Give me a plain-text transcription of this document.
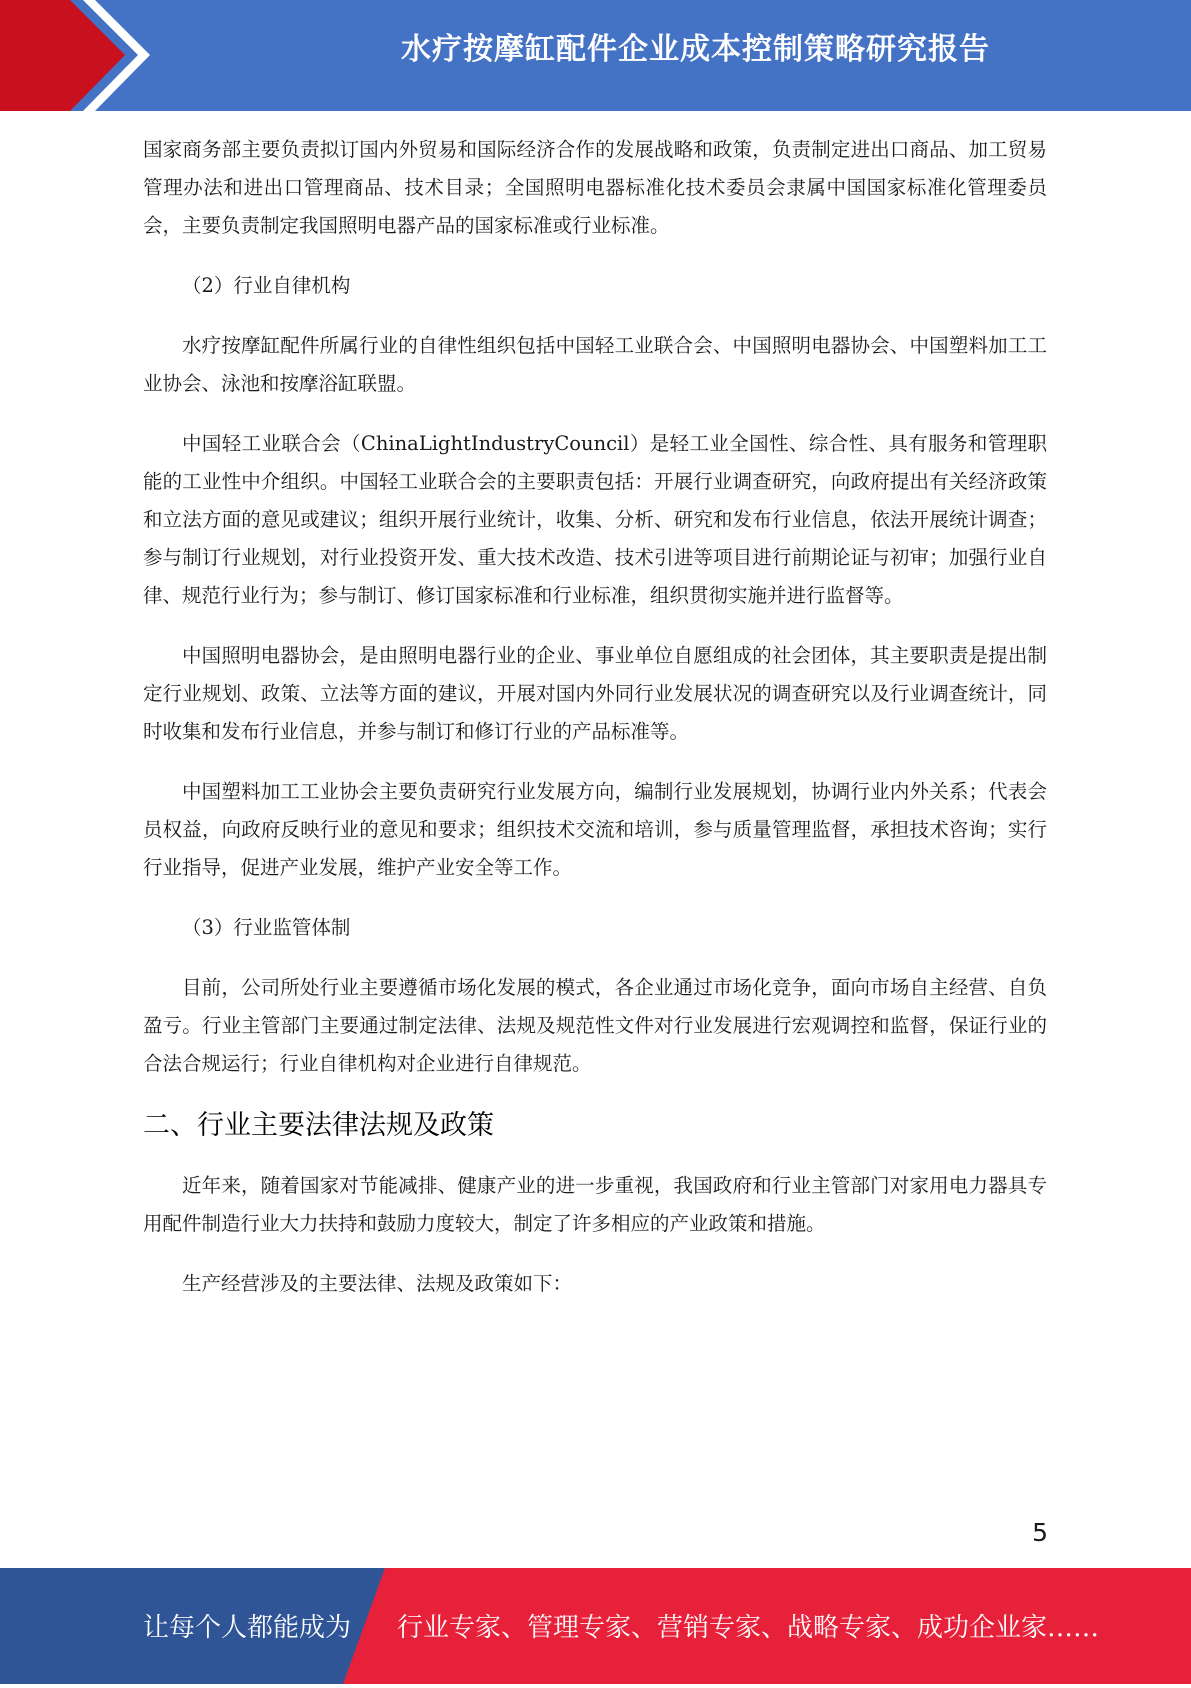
水疗按摩缸配件企业成本控制策略研究报告

国家商务部主要负责拟订国内外贸易和国际经济合作的发展战略和政策，负责制定进出口商品、加工贸易管理办法和进出口管理商品、技术目录；全国照明电器标准化技术委员会隶属中国国家标准化管理委员会，主要负责制定我国照明电器产品的国家标准或行业标准。

（2）行业自律机构

水疗按摩缸配件所属行业的自律性组织包括中国轻工业联合会、中国照明电器协会、中国塑料加工工业协会、泳池和按摩浴缸联盟。

中国轻工业联合会（ChinaLightIndustryCouncil）是轻工业全国性、综合性、具有服务和管理职能的工业性中介组织。中国轻工业联合会的主要职责包括：开展行业调查研究，向政府提出有关经济政策和立法方面的意见或建议；组织开展行业统计，收集、分析、研究和发布行业信息，依法开展统计调查；参与制订行业规划，对行业投资开发、重大技术改造、技术引进等项目进行前期论证与初审；加强行业自律、规范行业行为；参与制订、修订国家标准和行业标准，组织贯彻实施并进行监督等。

中国照明电器协会，是由照明电器行业的企业、事业单位自愿组成的社会团体，其主要职责是提出制定行业规划、政策、立法等方面的建议，开展对国内外同行业发展状况的调查研究以及行业调查统计，同时收集和发布行业信息，并参与制订和修订行业的产品标准等。

中国塑料加工工业协会主要负责研究行业发展方向，编制行业发展规划，协调行业内外关系；代表会员权益，向政府反映行业的意见和要求；组织技术交流和培训，参与质量管理监督，承担技术咨询；实行行业指导，促进产业发展，维护产业安全等工作。

（3）行业监管体制

目前，公司所处行业主要遵循市场化发展的模式，各企业通过市场化竞争，面向市场自主经营、自负盈亏。行业主管部门主要通过制定法律、法规及规范性文件对行业发展进行宏观调控和监督，保证行业的合法合规运行；行业自律机构对企业进行自律规范。

二、行业主要法律法规及政策

近年来，随着国家对节能减排、健康产业的进一步重视，我国政府和行业主管部门对家用电力器具专用配件制造行业大力扶持和鼓励力度较大，制定了许多相应的产业政策和措施。

生产经营涉及的主要法律、法规及政策如下：

5
让每个人都能成为 行业专家、管理专家、营销专家、战略专家、成功企业家……
